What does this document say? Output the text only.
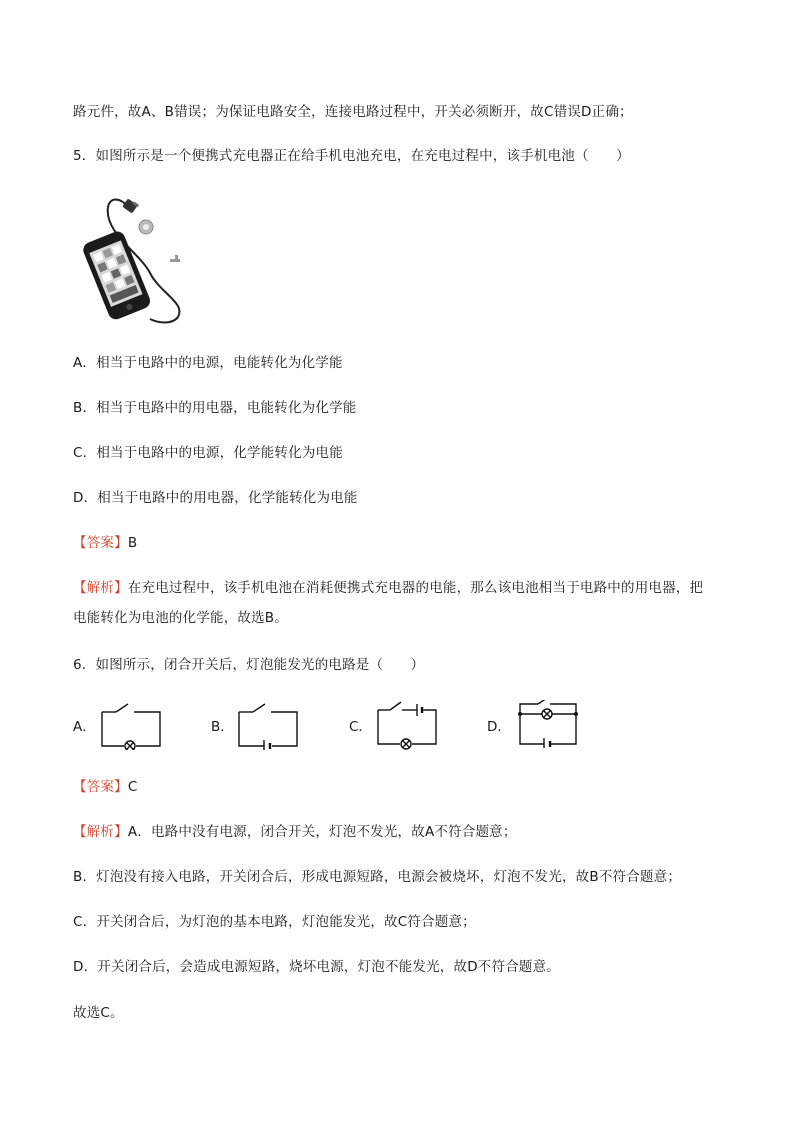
路元件，故A、B错误；为保证电路安全，连接电路过程中，开关必须断开，故C错误D正确；
5．如图所示是一个便携式充电器正在给手机电池充电，在充电过程中，该手机电池（　　）
A．相当于电路中的电源，电能转化为化学能
B．相当于电路中的用电器，电能转化为化学能
C．相当于电路中的电源，化学能转化为电能
D．相当于电路中的用电器，化学能转化为电能
【答案】B
【解析】在充电过程中，该手机电池在消耗便携式充电器的电能，那么该电池相当于电路中的用电器，把
电能转化为电池的化学能，故选B。
6．如图所示，闭合开关后，灯泡能发光的电路是（　　）
A．	B．	C．	D．
【答案】C
【解析】A．电路中没有电源，闭合开关，灯泡不发光，故A不符合题意；
B．灯泡没有接入电路，开关闭合后，形成电源短路，电源会被烧坏，灯泡不发光，故B不符合题意；
C．开关闭合后，为灯泡的基本电路，灯泡能发光，故C符合题意；
D．开关闭合后，会造成电源短路，烧坏电源，灯泡不能发光，故D不符合题意。
故选C。
